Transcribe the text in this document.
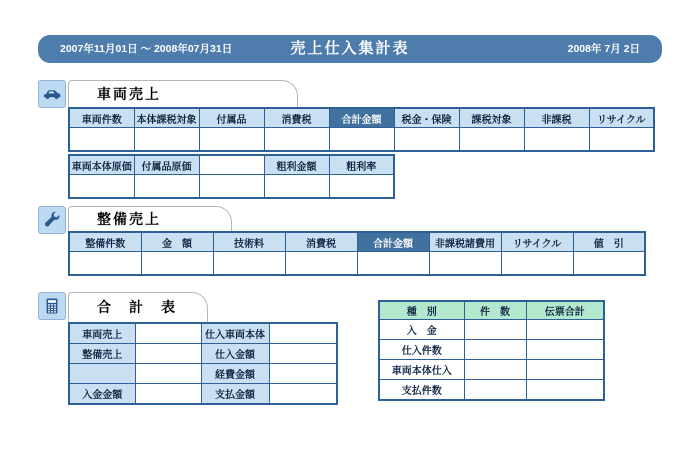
2007年11月01日 ～ 2008年07月31日	売上仕入集計表	2008年 7月 2日
車両売上
車両件数	本体課税対象	付属品	消費税	合計金額	税金・保険	課税対象	非課税	リサイクル

車両本体原価	付属品原価		粗利金額	粗利率

整備売上
整備件数	金　額	技術料	消費税	合計金額	非課税諸費用	リサイクル	値　引

合　計　表
車両売上		仕入車両本体	
整備売上		仕入金額	
		経費金額	
入金金額		支払金額	
種　別	件　数	伝票合計
入　金		
仕入件数		
車両本体仕入		
支払件数		
